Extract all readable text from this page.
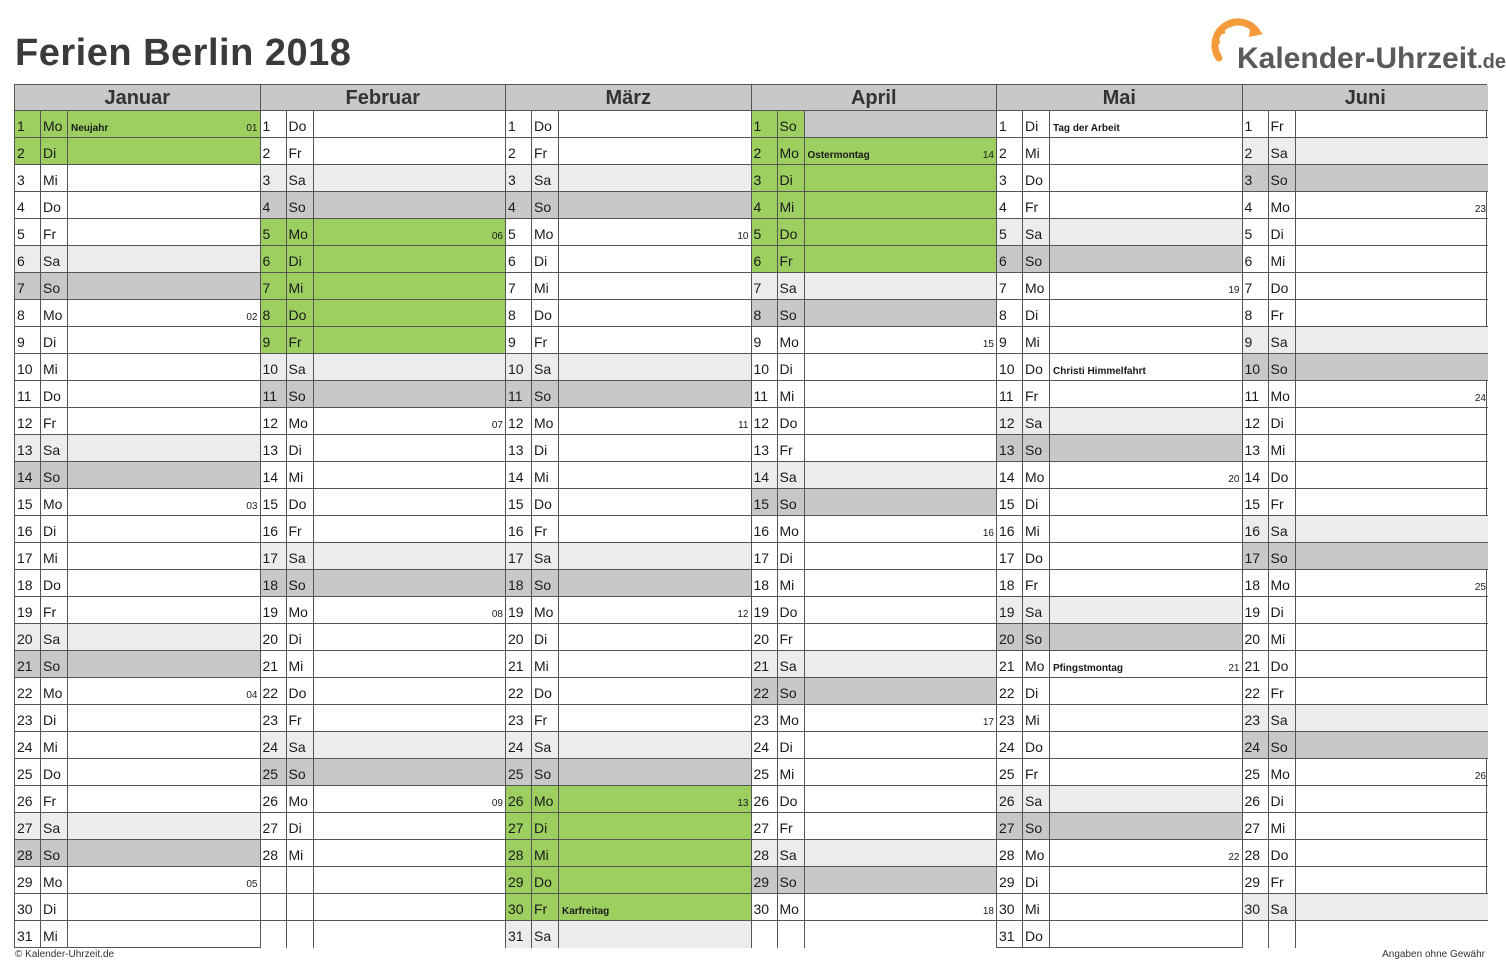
Ferien Berlin 2018	Kalender-Uhrzeit.de
Januar
1	Mo Neujahr	01
2	Di
3	Mi
4	Do
5	Fr
6	Sa
7	So
8	Mo	02
9	Di
10 Mi
11 Do
12 Fr
13 Sa
14 So
15 Mo	03
16 Di
17 Mi
18 Do
19 Fr
20 Sa
21 So
22 Mo	04
23 Di
24 Mi
25 Do
26 Fr
27 Sa
28 So
29 Mo	05
30 Di
31 Mi
Februar
1	Do
2	Fr
3	Sa
4	So
5	Mo	06
6	Di
7	Mi
8	Do
9	Fr
10 Sa
11 So
12 Mo	07
13 Di
14 Mi
15 Do
16 Fr
17 Sa
18 So
19 Mo	08
20 Di
21 Mi
22 Do
23 Fr
24 Sa
25 So
26 Mo	09
27 Di
28 Mi
März
1	Do
2	Fr
3	Sa
4	So
5	Mo	10
6	Di
7	Mi
8	Do
9	Fr
10 Sa
11 So
12 Mo	11
13 Di
14 Mi
15 Do
16 Fr
17 Sa
18 So
19 Mo	12
20 Di
21 Mi
22 Do
23 Fr
24 Sa
25 So
26 Mo	13
27 Di
28 Mi
29 Do
30 Fr	Karfreitag
31 Sa
April
1	So
2	Mo Ostermontag	14
3	Di
4	Mi
5	Do
6	Fr
7	Sa
8	So
9	Mo	15
10 Di
11 Mi
12 Do
13 Fr
14 Sa
15 So
16 Mo	16
17 Di
18 Mi
19 Do
20 Fr
21 Sa
22 So
23 Mo	17
24 Di
25 Mi
26 Do
27 Fr
28 Sa
29 So
30 Mo	18
Mai
1	Di	Tag der Arbeit
2	Mi
3	Do
4	Fr
5	Sa
6	So
7	Mo	19
8	Di
9	Mi
10 Do	Christi Himmelfahrt
11 Fr
12 Sa
13 So
14 Mo	20
15 Di
16 Mi
17 Do
18 Fr
19 Sa
20 So
21 Mo Pfingstmontag	21
22 Di
23 Mi
24 Do
25 Fr
26 Sa
27 So
28 Mo	22
29 Di
30 Mi
31 Do
Juni
1	Fr
2	Sa
3	So
4	Mo	23
5	Di
6	Mi
7	Do
8	Fr
9	Sa
10 So
11 Mo	24
12 Di
13 Mi
14 Do
15 Fr
16 Sa
17 So
18 Mo	25
19 Di
20 Mi
21 Do
22 Fr
23 Sa
24 So
25 Mo	26
26 Di
27 Mi
28 Do
29 Fr
30 Sa
© Kalender-Uhrzeit.de	Angaben ohne Gewähr
